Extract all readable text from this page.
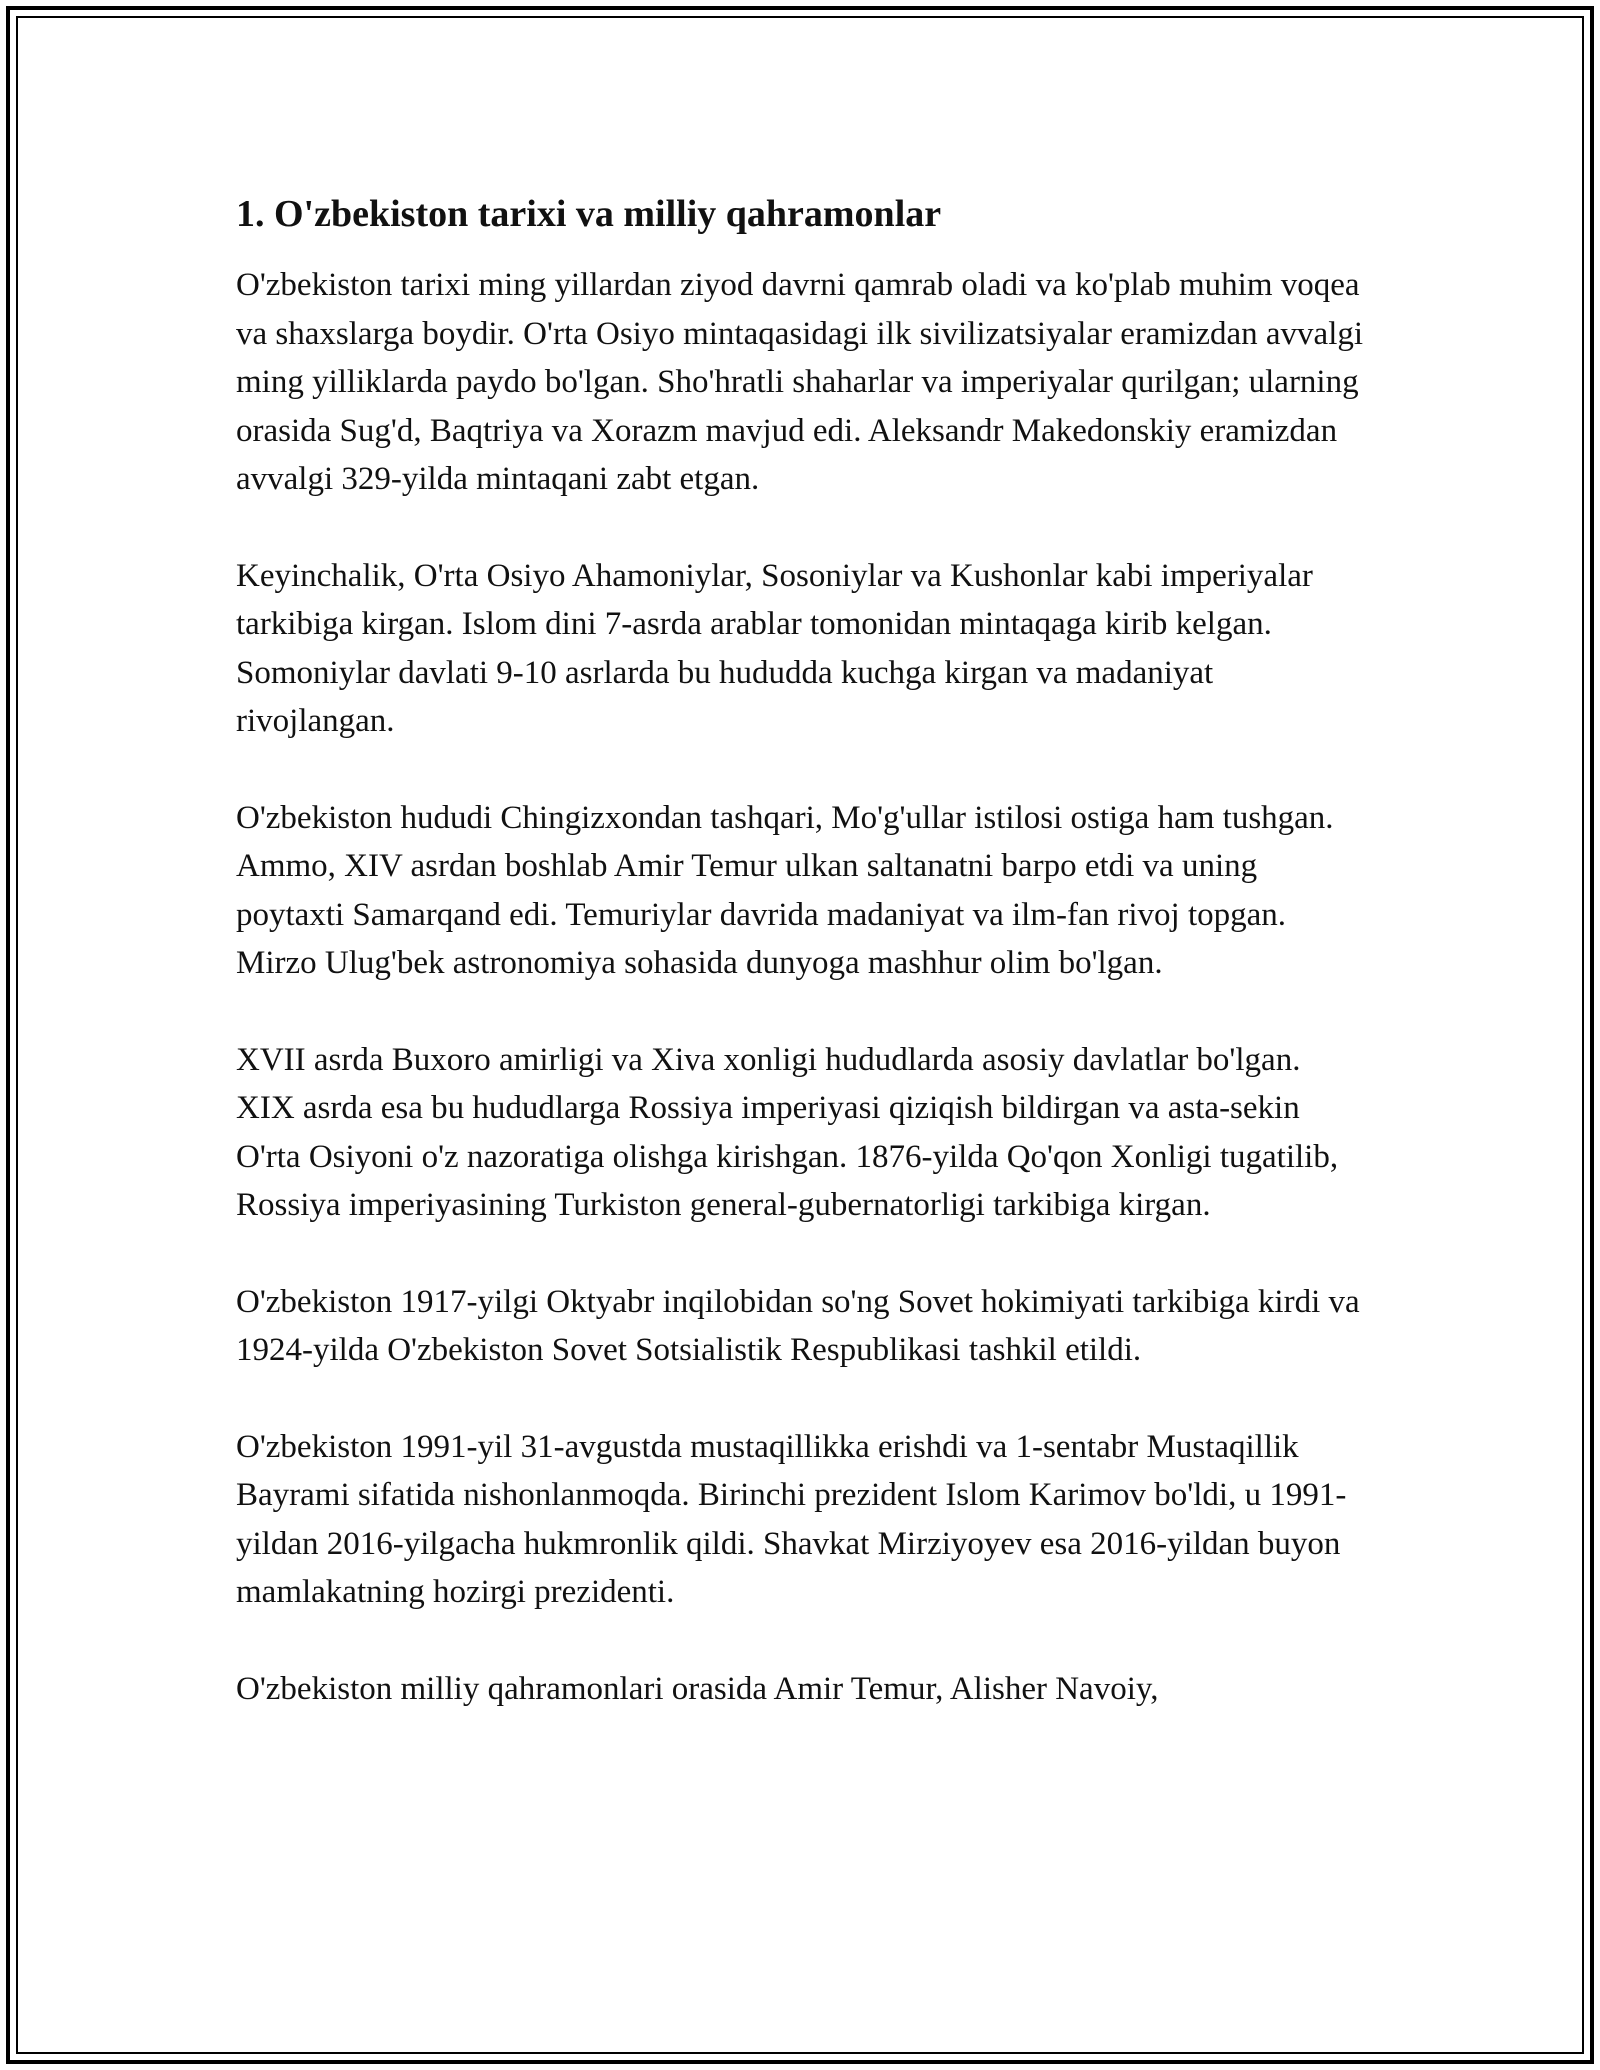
1. O'zbekiston tarixi va milliy qahramonlar

O'zbekiston tarixi ming yillardan ziyod davrni qamrab oladi va ko'plab muhim voqea va shaxslarga boydir. O'rta Osiyo mintaqasidagi ilk sivilizatsiyalar eramizdan avvalgi ming yilliklarda paydo bo'lgan. Sho'hratli shaharlar va imperiyalar qurilgan; ularning orasida Sug'd, Baqtriya va Xorazm mavjud edi. Aleksandr Makedonskiy eramizdan avvalgi 329-yilda mintaqani zabt etgan.

Keyinchalik, O'rta Osiyo Ahamoniylar, Sosoniylar va Kushonlar kabi imperiyalar tarkibiga kirgan. Islom dini 7-asrda arablar tomonidan mintaqaga kirib kelgan. Somoniylar davlati 9-10 asrlarda bu hududda kuchga kirgan va madaniyat rivojlangan.

O'zbekiston hududi Chingizxondan tashqari, Mo'g'ullar istilosi ostiga ham tushgan. Ammo, XIV asrdan boshlab Amir Temur ulkan saltanatni barpo etdi va uning poytaxti Samarqand edi. Temuriylar davrida madaniyat va ilm-fan rivoj topgan. Mirzo Ulug'bek astronomiya sohasida dunyoga mashhur olim bo'lgan.

XVII asrda Buxoro amirligi va Xiva xonligi hududlarda asosiy davlatlar bo'lgan. XIX asrda esa bu hududlarga Rossiya imperiyasi qiziqish bildirgan va asta-sekin O'rta Osiyoni o'z nazoratiga olishga kirishgan. 1876-yilda Qo'qon Xonligi tugatilib, Rossiya imperiyasining Turkiston general-gubernatorligi tarkibiga kirgan.

O'zbekiston 1917-yilgi Oktyabr inqilobidan so'ng Sovet hokimiyati tarkibiga kirdi va 1924-yilda O'zbekiston Sovet Sotsialistik Respublikasi tashkil etildi.

O'zbekiston 1991-yil 31-avgustda mustaqillikka erishdi va 1-sentabr Mustaqillik Bayrami sifatida nishonlanmoqda. Birinchi prezident Islom Karimov bo'ldi, u 1991-yildan 2016-yilgacha hukmronlik qildi. Shavkat Mirziyoyev esa 2016-yildan buyon mamlakatning hozirgi prezidenti.

O'zbekiston milliy qahramonlari orasida Amir Temur, Alisher Navoiy,
